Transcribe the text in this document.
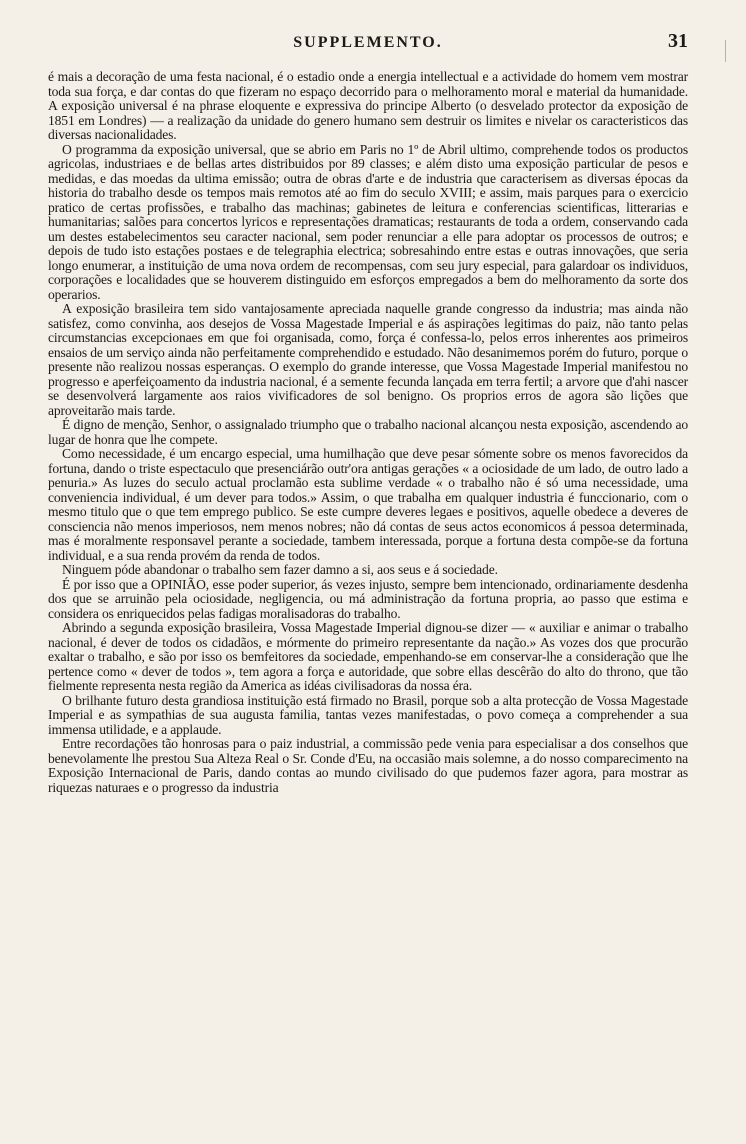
SUPPLEMENTO.	31

é mais a decoração de uma festa nacional, é o estadio onde a energia intellectual e a actividade do homem vem mostrar toda sua força, e dar contas do que fizeram no espaço decorrido para o melhoramento moral e material da humanidade. A exposição universal é na phrase eloquente e expressiva do principe Alberto (o desvelado protector da exposição de 1851 em Londres) — a realização da unidade do genero humano sem destruir os limites e nivelar os caracteristicos das diversas nacionalidades.

O programma da exposição universal, que se abrio em Paris no 1º de Abril ultimo, comprehende todos os productos agricolas, industriaes e de bellas artes distribuidos por 89 classes; e além disto uma exposição particular de pesos e medidas, e das moedas da ultima emissão; outra de obras d'arte e de industria que caracterisem as diversas épocas da historia do trabalho desde os tempos mais remotos até ao fim do seculo XVIII; e assim, mais parques para o exercicio pratico de certas profissões, e trabalho das machinas; gabinetes de leitura e conferencias scientificas, litterarias e humanitarias; salões para concertos lyricos e representações dramaticas; restaurants de toda a ordem, conservando cada um destes estabelecimentos seu caracter nacional, sem poder renunciar a elle para adoptar os processos de outros; e depois de tudo isto estações postaes e de telegraphia electrica; sobresahindo entre estas e outras innovações, que seria longo enumerar, a instituição de uma nova ordem de recompensas, com seu jury especial, para galardoar os individuos, corporações e localidades que se houverem distinguido em esforços empregados a bem do melhoramento da sorte dos operarios.

A exposição brasileira tem sido vantajosamente apreciada naquelle grande congresso da industria; mas ainda não satisfez, como convinha, aos desejos de Vossa Magestade Imperial e ás aspirações legitimas do paiz, não tanto pelas circumstancias excepcionaes em que foi organisada, como, força é confessa-lo, pelos erros inherentes aos primeiros ensaios de um serviço ainda não perfeitamente comprehendido e estudado. Não desanimemos porém do futuro, porque o presente não realizou nossas esperanças. O exemplo do grande interesse, que Vossa Magestade Imperial manifestou no progresso e aperfeiçoamento da industria nacional, é a semente fecunda lançada em terra fertil; a arvore que d'ahi nascer se desenvolverá largamente aos raios vivificadores de sol benigno. Os proprios erros de agora são lições que aproveitarão mais tarde.

É digno de menção, Senhor, o assignalado triumpho que o trabalho nacional alcançou nesta exposição, ascendendo ao lugar de honra que lhe compete.

Como necessidade, é um encargo especial, uma humilhação que deve pesar sómente sobre os menos favorecidos da fortuna, dando o triste espectaculo que presenciárão outr'ora antigas gerações « a ociosidade de um lado, de outro lado a penuria.» As luzes do seculo actual proclamão esta sublime verdade « o trabalho não é só uma necessidade, uma conveniencia individual, é um dever para todos.» Assim, o que trabalha em qualquer industria é funccionario, com o mesmo titulo que o que tem emprego publico. Se este cumpre deveres legaes e positivos, aquelle obedece a deveres de consciencia não menos imperiosos, nem menos nobres; não dá contas de seus actos economicos á pessoa determinada, mas é moralmente responsavel perante a sociedade, tambem interessada, porque a fortuna desta compõe-se da fortuna individual, e a sua renda provém da renda de todos.

Ninguem póde abandonar o trabalho sem fazer damno a si, aos seus e á sociedade.

É por isso que a OPINIÃO, esse poder superior, ás vezes injusto, sempre bem intencionado, ordinariamente desdenha dos que se arruinão pela ociosidade, negligencia, ou má administração da fortuna propria, ao passo que estima e considera os enriquecidos pelas fadigas moralisadoras do trabalho.

Abrindo a segunda exposição brasileira, Vossa Magestade Imperial dignou-se dizer — « auxiliar e animar o trabalho nacional, é dever de todos os cidadãos, e mórmente do primeiro representante da nação.» As vozes dos que procurão exaltar o trabalho, e são por isso os bemfeitores da sociedade, empenhando-se em conservar-lhe a consideração que lhe pertence como « dever de todos », tem agora a força e autoridade, que sobre ellas descêrão do alto do throno, que tão fielmente representa nesta região da America as idéas civilisadoras da nossa éra.

O brilhante futuro desta grandiosa instituição está firmado no Brasil, porque sob a alta protecção de Vossa Magestade Imperial e as sympathias de sua augusta familia, tantas vezes manifestadas, o povo começa a comprehender a sua immensa utilidade, e a applaude.

Entre recordações tão honrosas para o paiz industrial, a commissão pede venia para especialisar a dos conselhos que benevolamente lhe prestou Sua Alteza Real o Sr. Conde d'Eu, na occasião mais solemne, a do nosso comparecimento na Exposição Internacional de Paris, dando contas ao mundo civilisado do que pudemos fazer agora, para mostrar as riquezas naturaes e o progresso da industria
